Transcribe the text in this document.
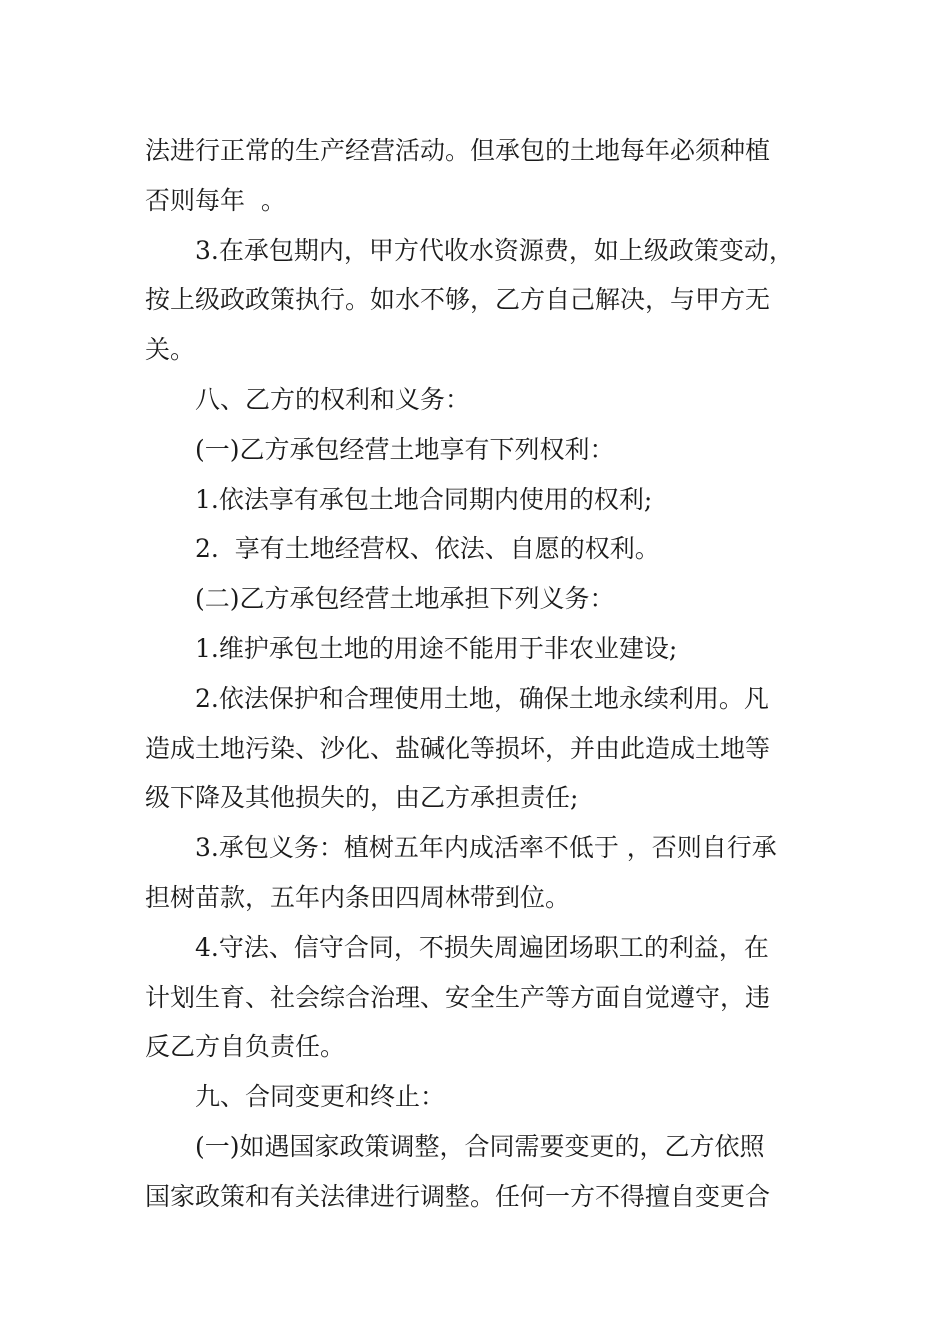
法进行正常的生产经营活动。但承包的土地每年必须种植
否则每年  。
3.在承包期内，甲方代收水资源费，如上级政策变动，
按上级政政策执行。如水不够，乙方自己解决，与甲方无
关。
八、乙方的权利和义务：
(一)乙方承包经营土地享有下列权利：
1.依法享有承包土地合同期内使用的权利;
2.  享有土地经营权、依法、自愿的权利。
(二)乙方承包经营土地承担下列义务：
1.维护承包土地的用途不能用于非农业建设;
2.依法保护和合理使用土地，确保土地永续利用。凡
造成土地污染、沙化、盐碱化等损坏，并由此造成土地等
级下降及其他损失的，由乙方承担责任;
3.承包义务：植树五年内成活率不低于 ，否则自行承
担树苗款，五年内条田四周林带到位。
4.守法、信守合同，不损失周遍团场职工的利益，在
计划生育、社会综合治理、安全生产等方面自觉遵守，违
反乙方自负责任。
九、合同变更和终止：
(一)如遇国家政策调整，合同需要变更的，乙方依照
国家政策和有关法律进行调整。任何一方不得擅自变更合
